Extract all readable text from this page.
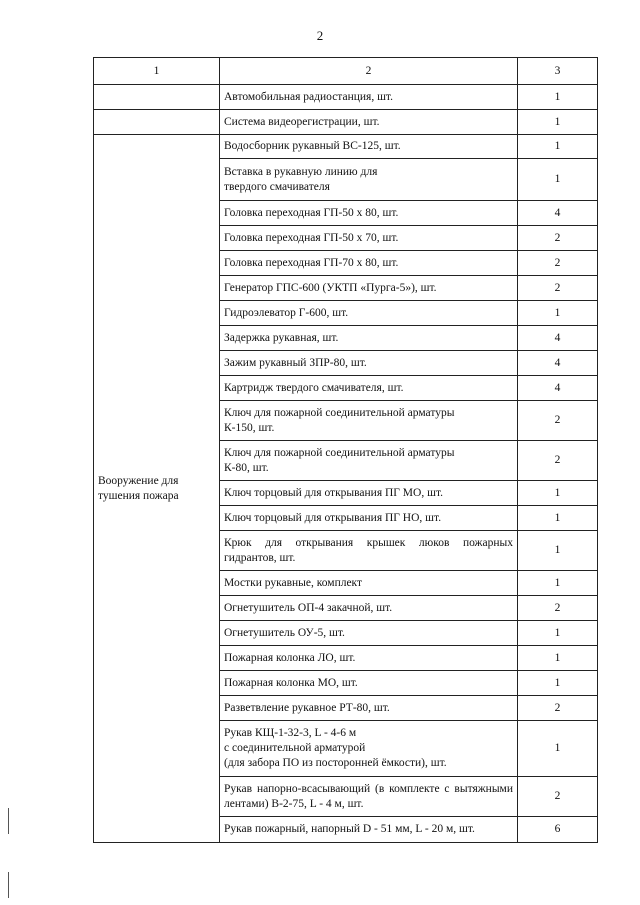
2
1	2	3
	Автомобильная радиостанция, шт.	1
	Система видеорегистрации, шт.	1
Вооружение для тушения пожара	Водосборник рукавный ВС-125, шт.	1
	Вставка в рукавную линию для
твердого смачивателя	1
	Головка переходная ГП-50 х 80, шт.	4
	Головка переходная ГП-50 х 70, шт.	2
	Головка переходная ГП-70 х 80, шт.	2
	Генератор ГПС-600 (УКТП «Пурга-5»), шт.	2
	Гидроэлеватор Г-600, шт.	1
	Задержка рукавная, шт.	4
	Зажим рукавный ЗПР-80, шт.	4
	Картридж твердого смачивателя, шт.	4
	Ключ для пожарной соединительной арматуры
К-150, шт.	2
	Ключ для пожарной соединительной арматуры
К-80, шт.	2
	Ключ торцовый для открывания ПГ МО, шт.	1
	Ключ торцовый для открывания ПГ НО, шт.	1
	Крюк для открывания крышек люков пожарных гидрантов, шт.	1
	Мостки рукавные, комплект	1
	Огнетушитель ОП-4 закачной, шт.	2
	Огнетушитель ОУ-5, шт.	1
	Пожарная колонка ЛО, шт.	1
	Пожарная колонка МО, шт.	1
	Разветвление рукавное РТ-80, шт.	2
	Рукав КЩ-1-32-3, L - 4-6 м
с соединительной арматурой
(для забора ПО из посторонней ёмкости), шт.	1
	Рукав напорно-всасывающий (в комплекте с вытяжными лентами) В-2-75, L - 4 м, шт.	2
	Рукав пожарный, напорный D - 51 мм, L - 20 м, шт.	6
